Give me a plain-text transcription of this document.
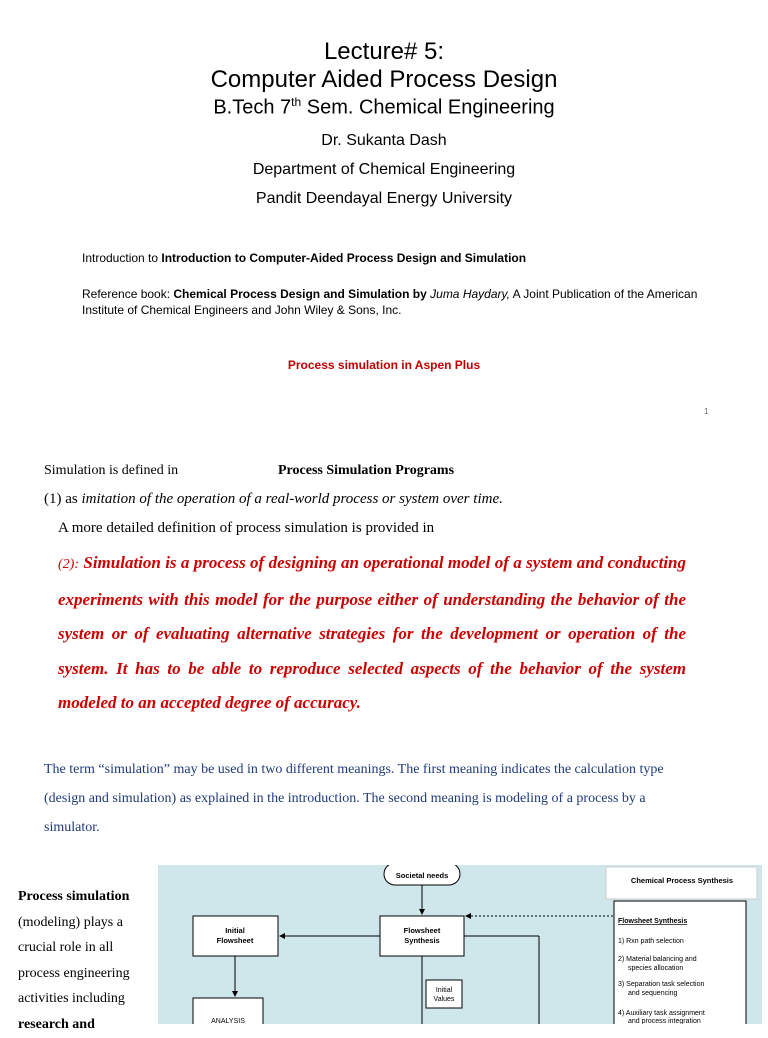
Lecture# 5:
Computer Aided Process Design
B.Tech 7th Sem. Chemical Engineering
Dr. Sukanta Dash
Department of Chemical Engineering
Pandit Deendayal Energy University
Introduction to Introduction to Computer-Aided Process Design and Simulation
Reference book: Chemical Process Design and Simulation by Juma Haydary, A Joint Publication of the American Institute of Chemical Engineers and John Wiley & Sons, Inc.
Process simulation in Aspen Plus
1
Simulation is defined in	Process Simulation Programs
(1) as imitation of the operation of a real-world process or system over time.
A more detailed definition of process simulation is provided in
(2): Simulation is a process of designing an operational model of a system and conducting experiments with this model for the purpose either of understanding the behavior of the system or of evaluating alternative strategies for the development or operation of the system. It has to be able to reproduce selected aspects of the behavior of the system modeled to an accepted degree of accuracy.
The term “simulation” may be used in two different meanings. The first meaning indicates the calculation type (design and simulation) as explained in the introduction. The second meaning is modeling of a process by a simulator.
Process simulation (modeling) plays a crucial role in all process engineering activities including research and
Societal needs
Initial
Flowsheet
Flowsheet
Synthesis
Initial
Values
ANALYSIS
Chemical Process Synthesis
Flowsheet Synthesis
1) Rxn path selection
2) Material balancing and
species allocation
3) Separation task selection
and sequencing
4) Auxiliary task assignment
and process integration
